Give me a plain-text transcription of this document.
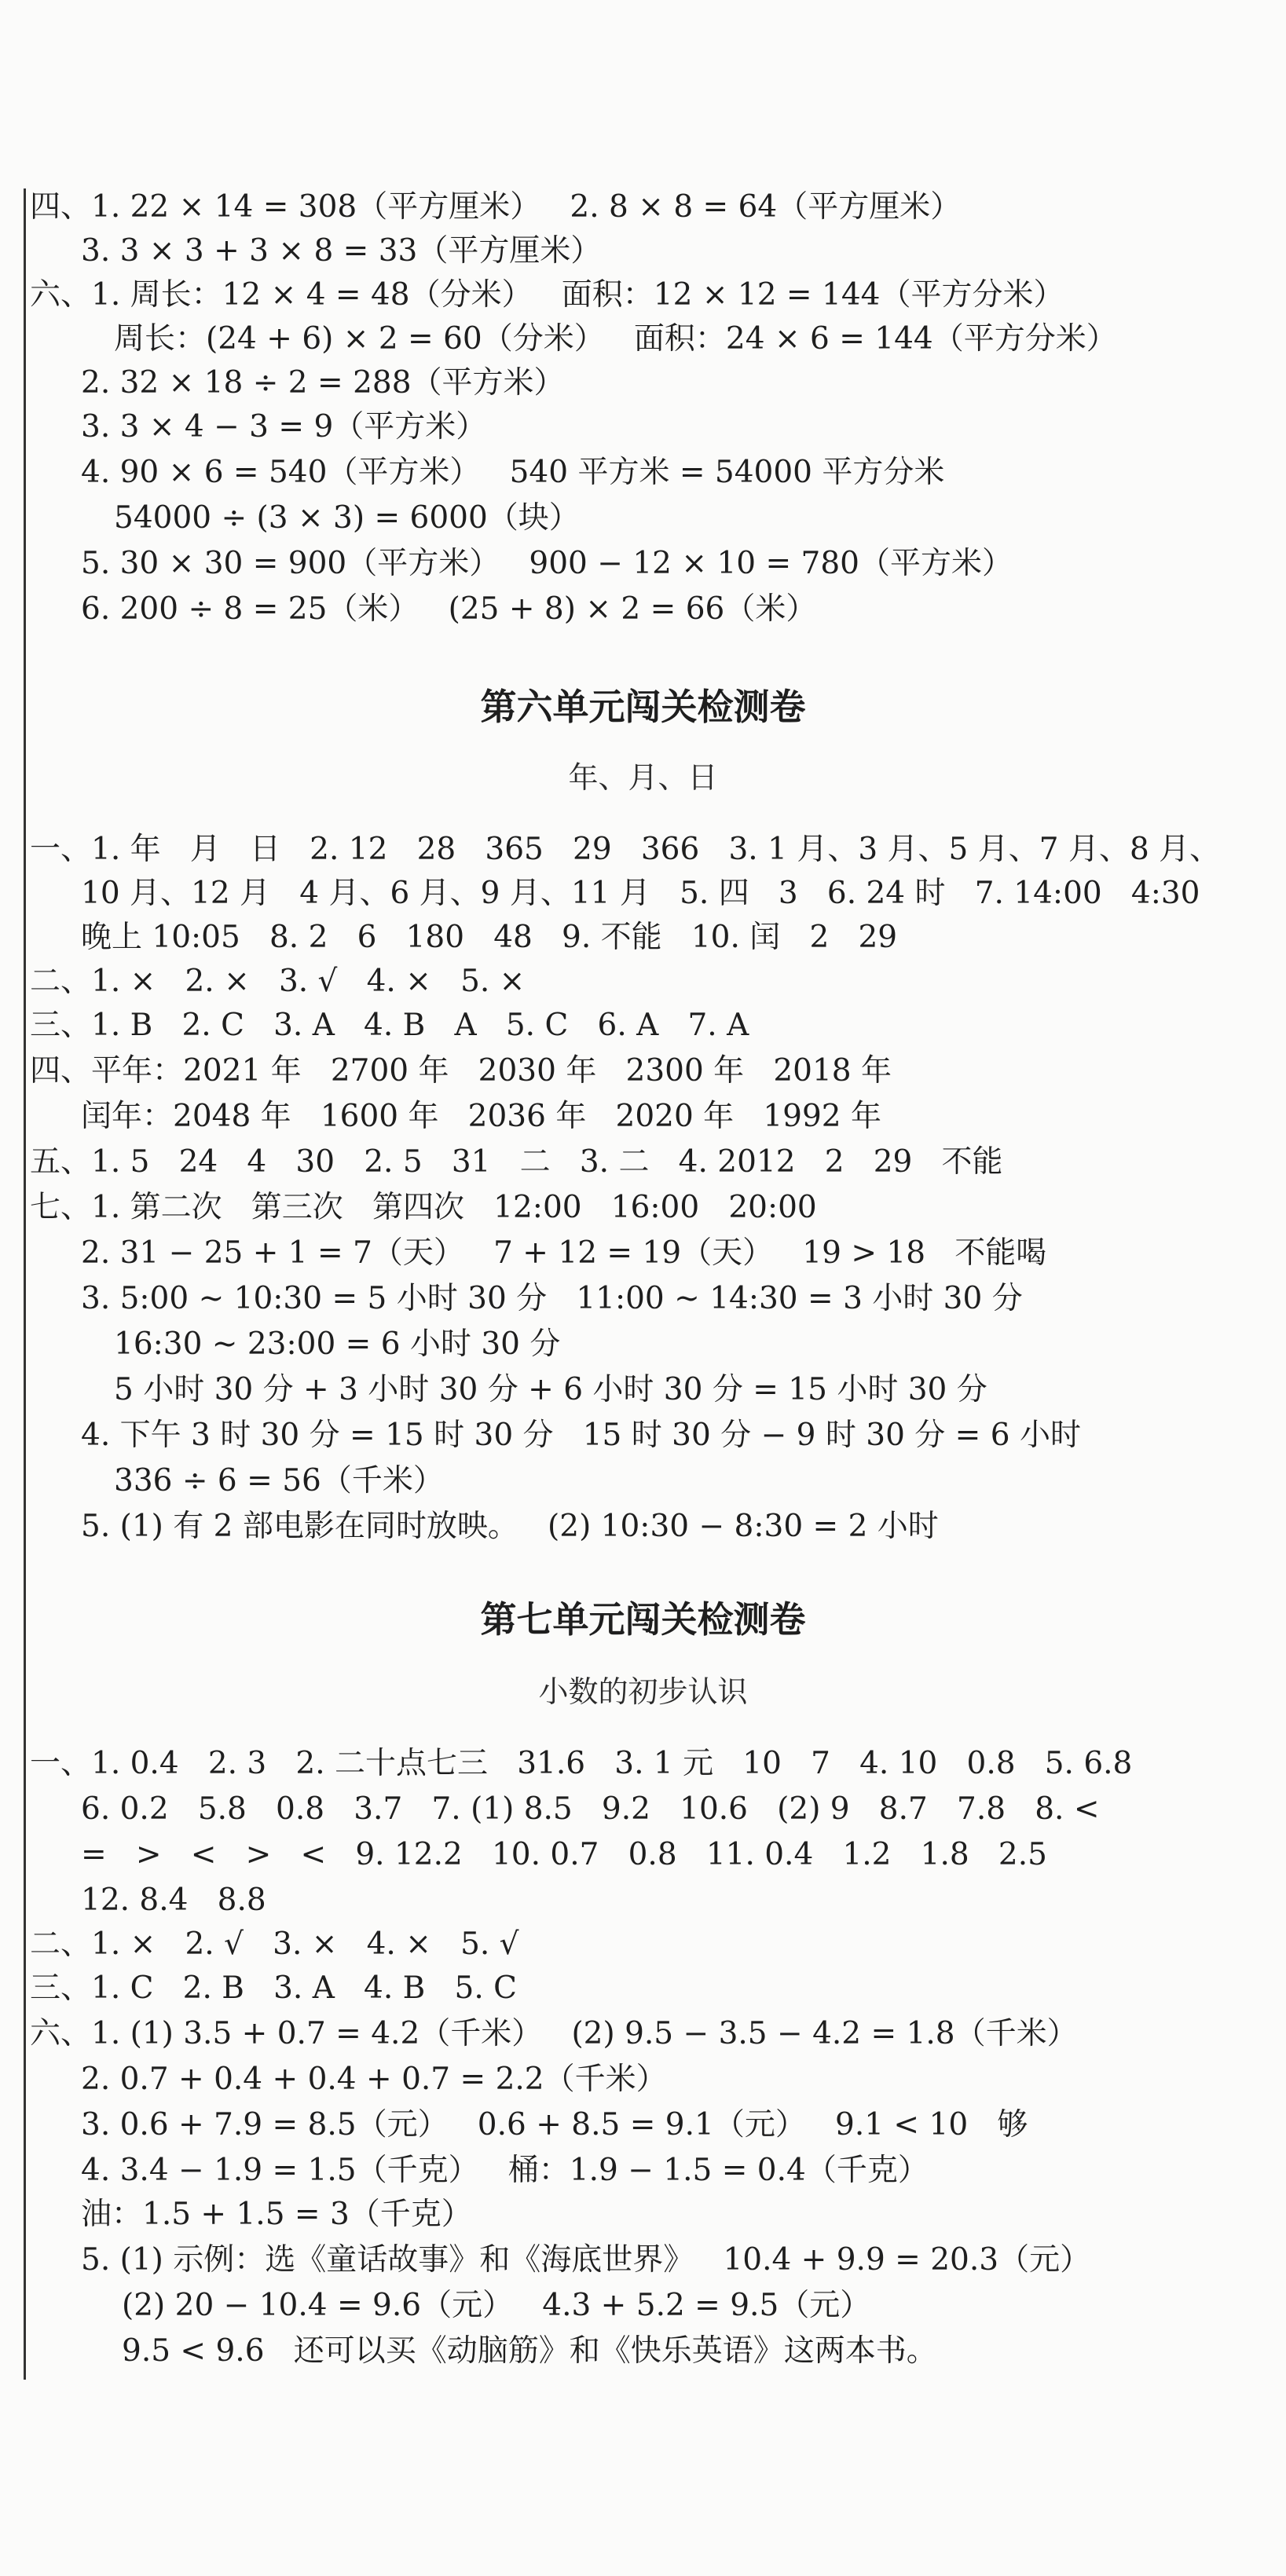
四、1. 22 × 14 = 308（平方厘米）   2. 8 × 8 = 64（平方厘米）
3. 3 × 3 + 3 × 8 = 33（平方厘米）
六、1. 周长：12 × 4 = 48（分米）   面积：12 × 12 = 144（平方分米）
周长：(24 + 6) × 2 = 60（分米）   面积：24 × 6 = 144（平方分米）
2. 32 × 18 ÷ 2 = 288（平方米）
3. 3 × 4 − 3 = 9（平方米）
4. 90 × 6 = 540（平方米）   540 平方米 = 54000 平方分米
54000 ÷ (3 × 3) = 6000（块）
5. 30 × 30 = 900（平方米）   900 − 12 × 10 = 780（平方米）
6. 200 ÷ 8 = 25（米）   (25 + 8) × 2 = 66（米）
第六单元闯关检测卷
年、月、日
一、1. 年   月   日   2. 12   28   365   29   366   3. 1 月、3 月、5 月、7 月、8 月、
10 月、12 月   4 月、6 月、9 月、11 月   5. 四   3   6. 24 时   7. 14:00   4:30
晚上 10:05   8. 2   6   180   48   9. 不能   10. 闰   2   29
二、1. ×   2. ×   3. √   4. ×   5. ×
三、1. B   2. C   3. A   4. B   A   5. C   6. A   7. A
四、平年：2021 年   2700 年   2030 年   2300 年   2018 年
闰年：2048 年   1600 年   2036 年   2020 年   1992 年
五、1. 5   24   4   30   2. 5   31   二   3. 二   4. 2012   2   29   不能
七、1. 第二次   第三次   第四次   12:00   16:00   20:00
2. 31 − 25 + 1 = 7（天）   7 + 12 = 19（天）   19 > 18   不能喝
3. 5:00 ~ 10:30 = 5 小时 30 分   11:00 ~ 14:30 = 3 小时 30 分
16:30 ~ 23:00 = 6 小时 30 分
5 小时 30 分 + 3 小时 30 分 + 6 小时 30 分 = 15 小时 30 分
4. 下午 3 时 30 分 = 15 时 30 分   15 时 30 分 − 9 时 30 分 = 6 小时
336 ÷ 6 = 56（千米）
5. (1) 有 2 部电影在同时放映。   (2) 10:30 − 8:30 = 2 小时
第七单元闯关检测卷
小数的初步认识
一、1. 0.4   2. 3   2. 二十点七三   31.6   3. 1 元   10   7   4. 10   0.8   5. 6.8
6. 0.2   5.8   0.8   3.7   7. (1) 8.5   9.2   10.6   (2) 9   8.7   7.8   8. <
=   >   <   >   <   9. 12.2   10. 0.7   0.8   11. 0.4   1.2   1.8   2.5
12. 8.4   8.8
二、1. ×   2. √   3. ×   4. ×   5. √
三、1. C   2. B   3. A   4. B   5. C
六、1. (1) 3.5 + 0.7 = 4.2（千米）   (2) 9.5 − 3.5 − 4.2 = 1.8（千米）
2. 0.7 + 0.4 + 0.4 + 0.7 = 2.2（千米）
3. 0.6 + 7.9 = 8.5（元）   0.6 + 8.5 = 9.1（元）   9.1 < 10   够
4. 3.4 − 1.9 = 1.5（千克）   桶：1.9 − 1.5 = 0.4（千克）
油：1.5 + 1.5 = 3（千克）
5. (1) 示例：选《童话故事》和《海底世界》   10.4 + 9.9 = 20.3（元）
(2) 20 − 10.4 = 9.6（元）   4.3 + 5.2 = 9.5（元）
9.5 < 9.6   还可以买《动脑筋》和《快乐英语》这两本书。
